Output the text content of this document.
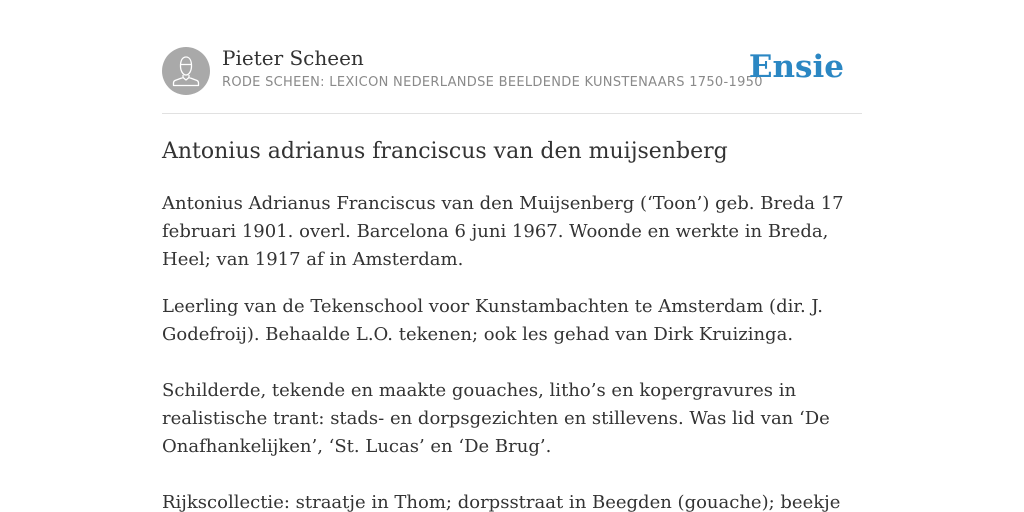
Pieter Scheen
RODE SCHEEN: LEXICON NEDERLANDSE BEELDENDE KUNSTENAARS 1750-1950
Ensie
Antonius adrianus franciscus van den muijsenberg

Antonius Adrianus Franciscus van den Muijsenberg (‘Toon’) geb. Breda 17 februari 1901. overl. Barcelona 6 juni 1967. Woonde en werkte in Breda, Heel; van 1917 af in Amsterdam.

Leerling van de Tekenschool voor Kunstambachten te Amsterdam (dir. J. Godefroij). Behaalde L.O. tekenen; ook les gehad van Dirk Kruizinga.

Schilderde, tekende en maakte gouaches, litho’s en kopergravures in realistische trant: stads- en dorpsgezichten en stillevens. Was lid van ‘De Onafhankelijken’, ‘St. Lucas’ en ‘De Brug’.

Rijkscollectie: straatje in Thom; dorpsstraat in Beegden (gouache); beekje
